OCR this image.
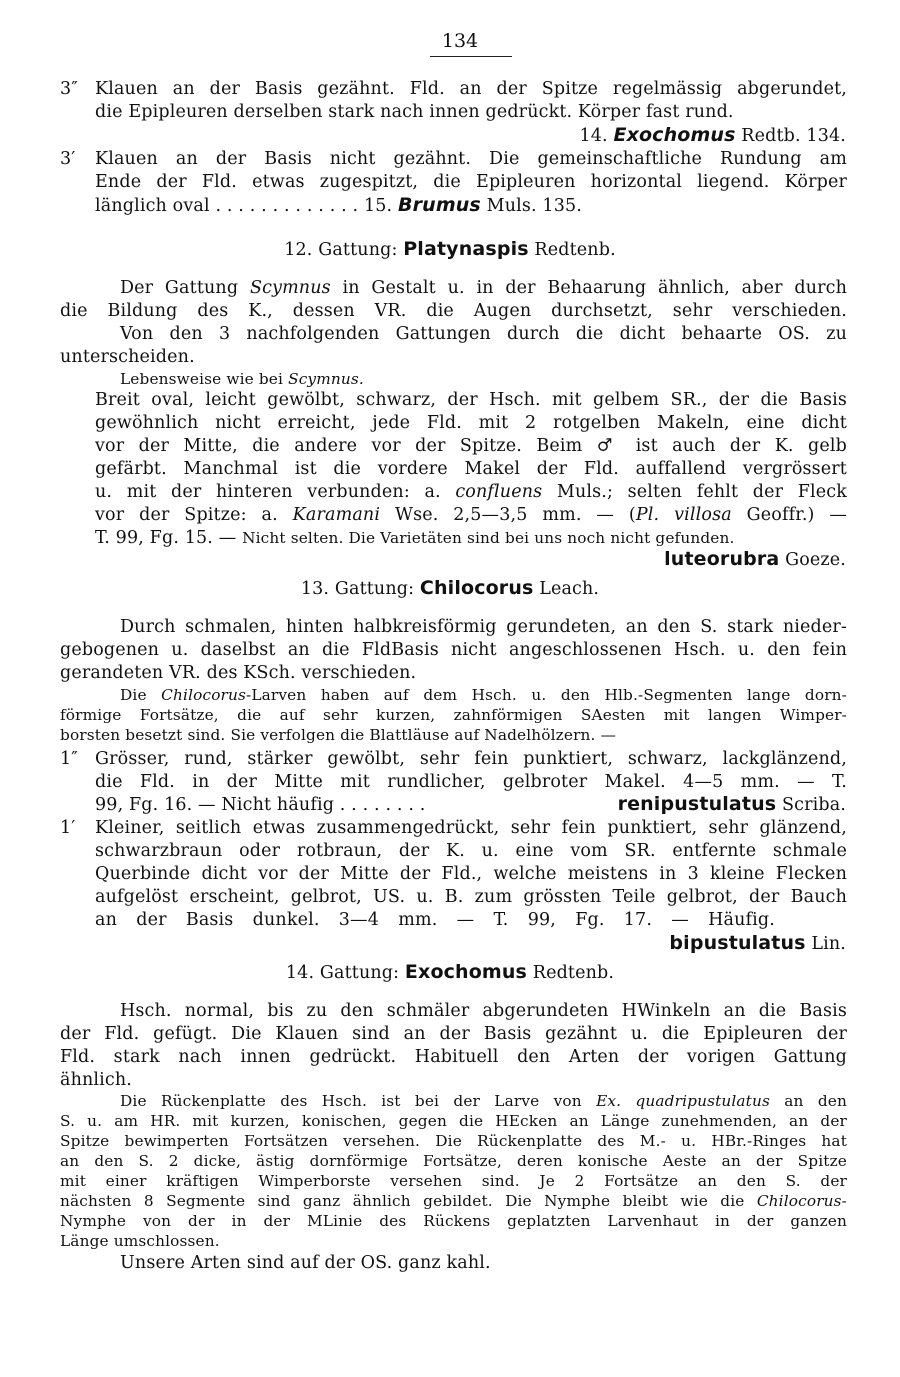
134
3″ Klauen an der Basis gezähnt. Fld. an der Spitze regelmässig abgerundet,
die Epipleuren derselben stark nach innen gedrückt. Körper fast rund.
14. Exochomus Redtb. 134.
3′ Klauen an der Basis nicht gezähnt. Die gemeinschaftliche Rundung am
Ende der Fld. etwas zugespitzt, die Epipleuren horizontal liegend. Körper
länglich oval . . . . . . . . . . . . . 15. Brumus Muls. 135.
12. Gattung: Platynaspis Redtenb.
Der Gattung Scymnus in Gestalt u. in der Behaarung ähnlich, aber durch
die Bildung des K., dessen VR. die Augen durchsetzt, sehr verschieden.
Von den 3 nachfolgenden Gattungen durch die dicht behaarte OS. zu
unterscheiden.
Lebensweise wie bei Scymnus.
Breit oval, leicht gewölbt, schwarz, der Hsch. mit gelbem SR., der die Basis
gewöhnlich nicht erreicht, jede Fld. mit 2 rotgelben Makeln, eine dicht
vor der Mitte, die andere vor der Spitze. Beim ♂ ist auch der K. gelb
gefärbt. Manchmal ist die vordere Makel der Fld. auffallend vergrössert
u. mit der hinteren verbunden: a. confluens Muls.; selten fehlt der Fleck
vor der Spitze: a. Karamani Wse. 2,5—3,5 mm. — (Pl. villosa Geoffr.) —
T. 99, Fg. 15. — Nicht selten. Die Varietäten sind bei uns noch nicht gefunden.
luteorubra Goeze.
13. Gattung: Chilocorus Leach.
Durch schmalen, hinten halbkreisförmig gerundeten, an den S. stark nieder-
gebogenen u. daselbst an die FldBasis nicht angeschlossenen Hsch. u. den fein
gerandeten VR. des KSch. verschieden.
Die Chilocorus-Larven haben auf dem Hsch. u. den Hlb.-Segmenten lange dorn-
förmige Fortsätze, die auf sehr kurzen, zahnförmigen SAesten mit langen Wimper-
borsten besetzt sind. Sie verfolgen die Blattläuse auf Nadelhölzern. —
1″ Grösser, rund, stärker gewölbt, sehr fein punktiert, schwarz, lackglänzend,
die Fld. in der Mitte mit rundlicher, gelbroter Makel. 4—5 mm. — T.
99, Fg. 16. — Nicht häufig . . . . . . . .	renipustulatus Scriba.
1′ Kleiner, seitlich etwas zusammengedrückt, sehr fein punktiert, sehr glänzend,
schwarzbraun oder rotbraun, der K. u. eine vom SR. entfernte schmale
Querbinde dicht vor der Mitte der Fld., welche meistens in 3 kleine Flecken
aufgelöst erscheint, gelbrot, US. u. B. zum grössten Teile gelbrot, der Bauch
an der Basis dunkel. 3—4 mm. — T. 99, Fg. 17. — Häufig.
bipustulatus Lin.
14. Gattung: Exochomus Redtenb.
Hsch. normal, bis zu den schmäler abgerundeten HWinkeln an die Basis
der Fld. gefügt. Die Klauen sind an der Basis gezähnt u. die Epipleuren der
Fld. stark nach innen gedrückt. Habituell den Arten der vorigen Gattung
ähnlich.
Die Rückenplatte des Hsch. ist bei der Larve von Ex. quadripustulatus an den
S. u. am HR. mit kurzen, konischen, gegen die HEcken an Länge zunehmenden, an der
Spitze bewimperten Fortsätzen versehen. Die Rückenplatte des M.- u. HBr.-Ringes hat
an den S. 2 dicke, ästig dornförmige Fortsätze, deren konische Aeste an der Spitze
mit einer kräftigen Wimperborste versehen sind. Je 2 Fortsätze an den S. der
nächsten 8 Segmente sind ganz ähnlich gebildet. Die Nymphe bleibt wie die Chilocorus-
Nymphe von der in der MLinie des Rückens geplatzten Larvenhaut in der ganzen
Länge umschlossen.
Unsere Arten sind auf der OS. ganz kahl.
